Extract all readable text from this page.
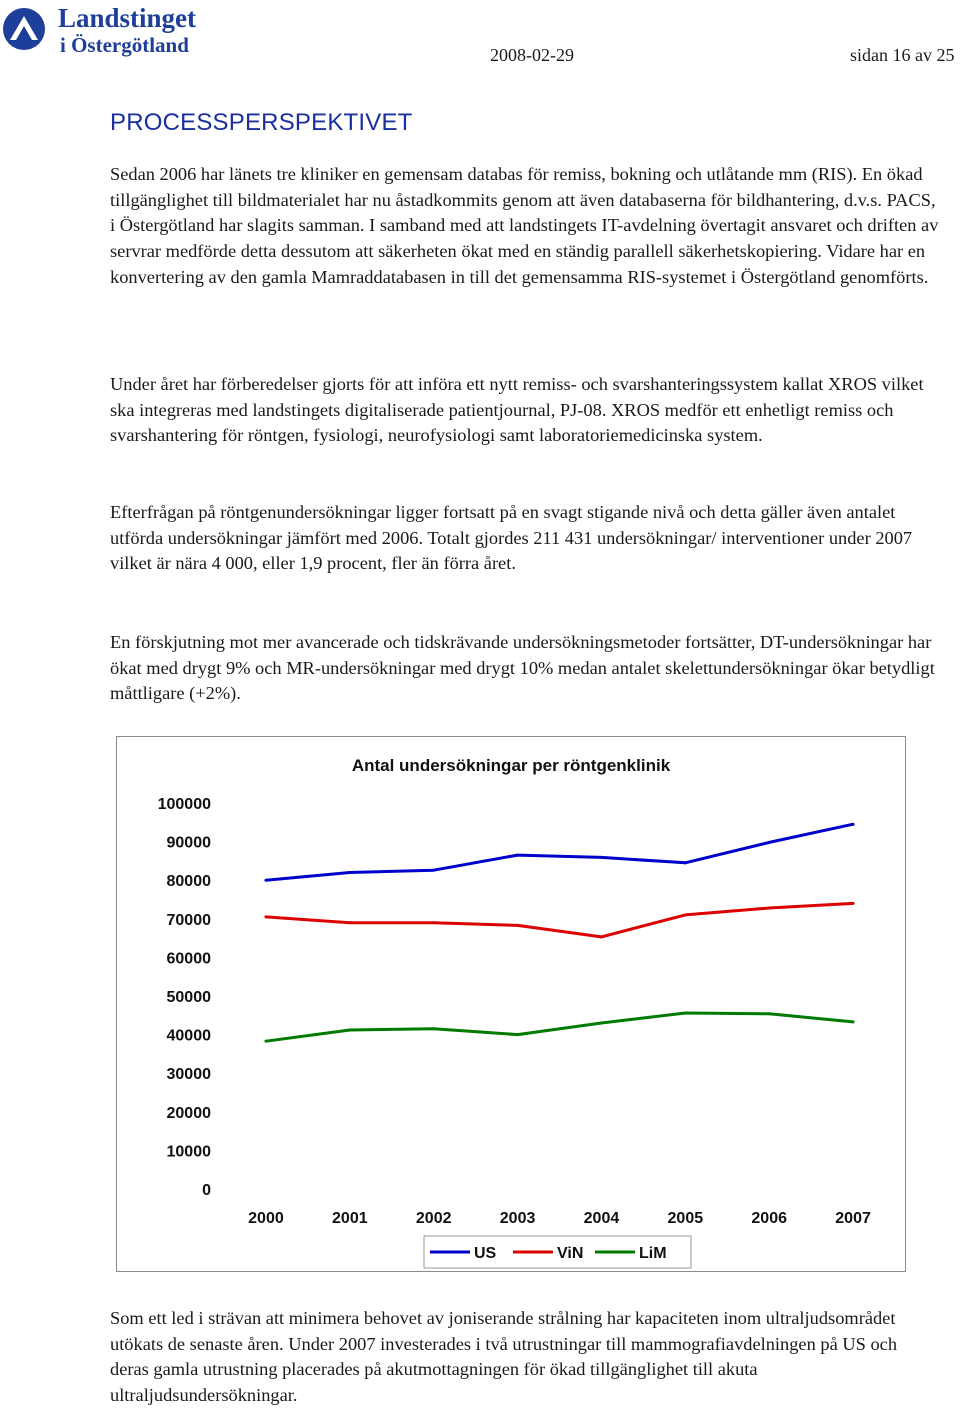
Landstinget
i Östergötland	2008-02-29	sidan 16 av 25
PROCESSPERSPEKTIVET

Sedan 2006 har länets tre kliniker en gemensam databas för remiss, bokning och utlåtande mm (RIS). En ökad tillgänglighet till bildmaterialet har nu åstadkommits genom att även databaserna för bildhantering, d.v.s. PACS, i Östergötland har slagits samman. I samband med att landstingets IT-avdelning övertagit ansvaret och driften av servrar medförde detta dessutom att säkerheten ökat med en ständig parallell säkerhetskopiering. Vidare har en konvertering av den gamla Mamraddatabasen in till det gemensamma RIS-systemet i Östergötland genomförts.

Under året har förberedelser gjorts för att införa ett nytt remiss- och svarshanteringssystem kallat XROS vilket ska integreras med landstingets digitaliserade patientjournal, PJ-08. XROS medför ett enhetligt remiss och svarshantering för röntgen, fysiologi, neurofysiologi samt laboratoriemedicinska system.

Efterfrågan på röntgenundersökningar ligger fortsatt på en svagt stigande nivå och detta gäller även antalet utförda undersökningar jämfört med 2006. Totalt gjordes 211 431 undersökningar/ interventioner under 2007 vilket är nära 4 000, eller 1,9 procent, fler än förra året.

En förskjutning mot mer avancerade och tidskrävande undersökningsmetoder fortsätter, DT-undersökningar har ökat med drygt 9% och MR-undersökningar med drygt 10% medan antalet skelettundersökningar ökar betydligt måttligare (+2%).

Antal undersökningar per röntgenklinik
0
10000
20000
30000
40000
50000
60000
70000
80000
90000
100000
2000	2001	2002	2003	2004	2005	2006	2007
US	ViN	LiM

Som ett led i strävan att minimera behovet av joniserande strålning har kapaciteten inom ultraljudsområdet utökats de senaste åren. Under 2007 investerades i två utrustningar till mammografiavdelningen på US och deras gamla utrustning placerades på akutmottagningen för ökad tillgänglighet till akuta ultraljudsundersökningar.
